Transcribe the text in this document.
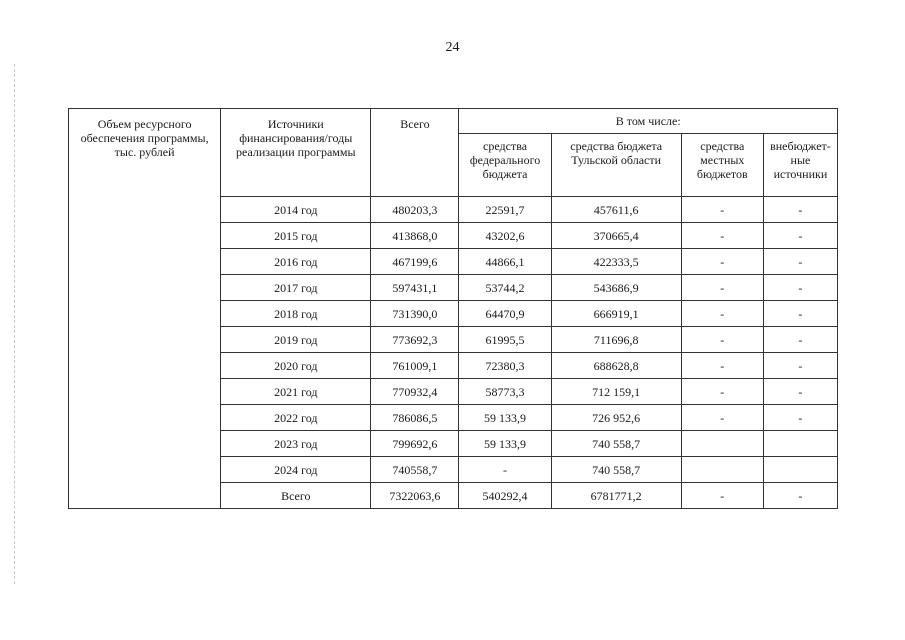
24
Объем ресурсного обеспечения программы, тыс. рублей	Источники финансирования/годы реализации программы	Всего	В том числе:			
			средства федерального бюджета	средства бюджета Тульской области	средства местных бюджетов	внебюджет-ные источники
	2014 год	480203,3	22591,7	457611,6	-	-
	2015 год	413868,0	43202,6	370665,4	-	-
	2016 год	467199,6	44866,1	422333,5	-	-
	2017 год	597431,1	53744,2	543686,9	-	-
	2018 год	731390,0	64470,9	666919,1	-	-
	2019 год	773692,3	61995,5	711696,8	-	-
	2020 год	761009,1	72380,3	688628,8	-	-
	2021 год	770932,4	58773,3	712 159,1	-	-
	2022 год	786086,5	59 133,9	726 952,6	-	-
	2023 год	799692,6	59 133,9	740 558,7		
	2024 год	740558,7	-	740 558,7		
	Всего	7322063,6	540292,4	6781771,2	-	-
